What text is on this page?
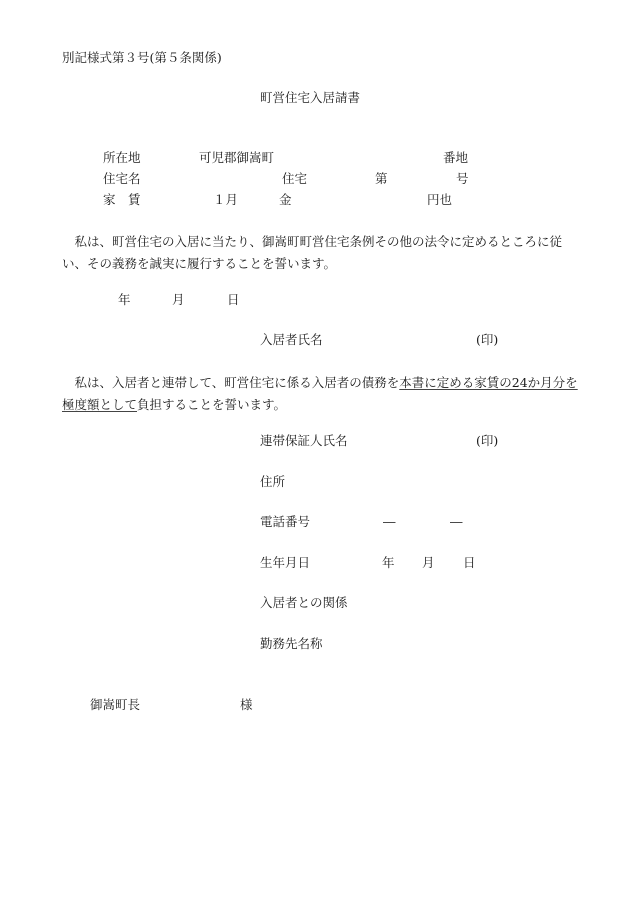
別記様式第３号(第５条関係)
町営住宅入居請書
所在地	可児郡御嵩町	番地
住宅名	住宅	第	号
家　賃	１月	金	円也
　私は、町営住宅の入居に当たり、御嵩町町営住宅条例その他の法令に定めるところに従い、その義務を誠実に履行することを誓います。
年	月	日
入居者氏名	(印)
　私は、入居者と連帯して、町営住宅に係る入居者の債務を本書に定める家賃の24か月分を極度額として負担することを誓います。
連帯保証人氏名	(印)
住所
電話番号	―	―
生年月日	年 月 日
入居者との関係
勤務先名称
御嵩町長	様
